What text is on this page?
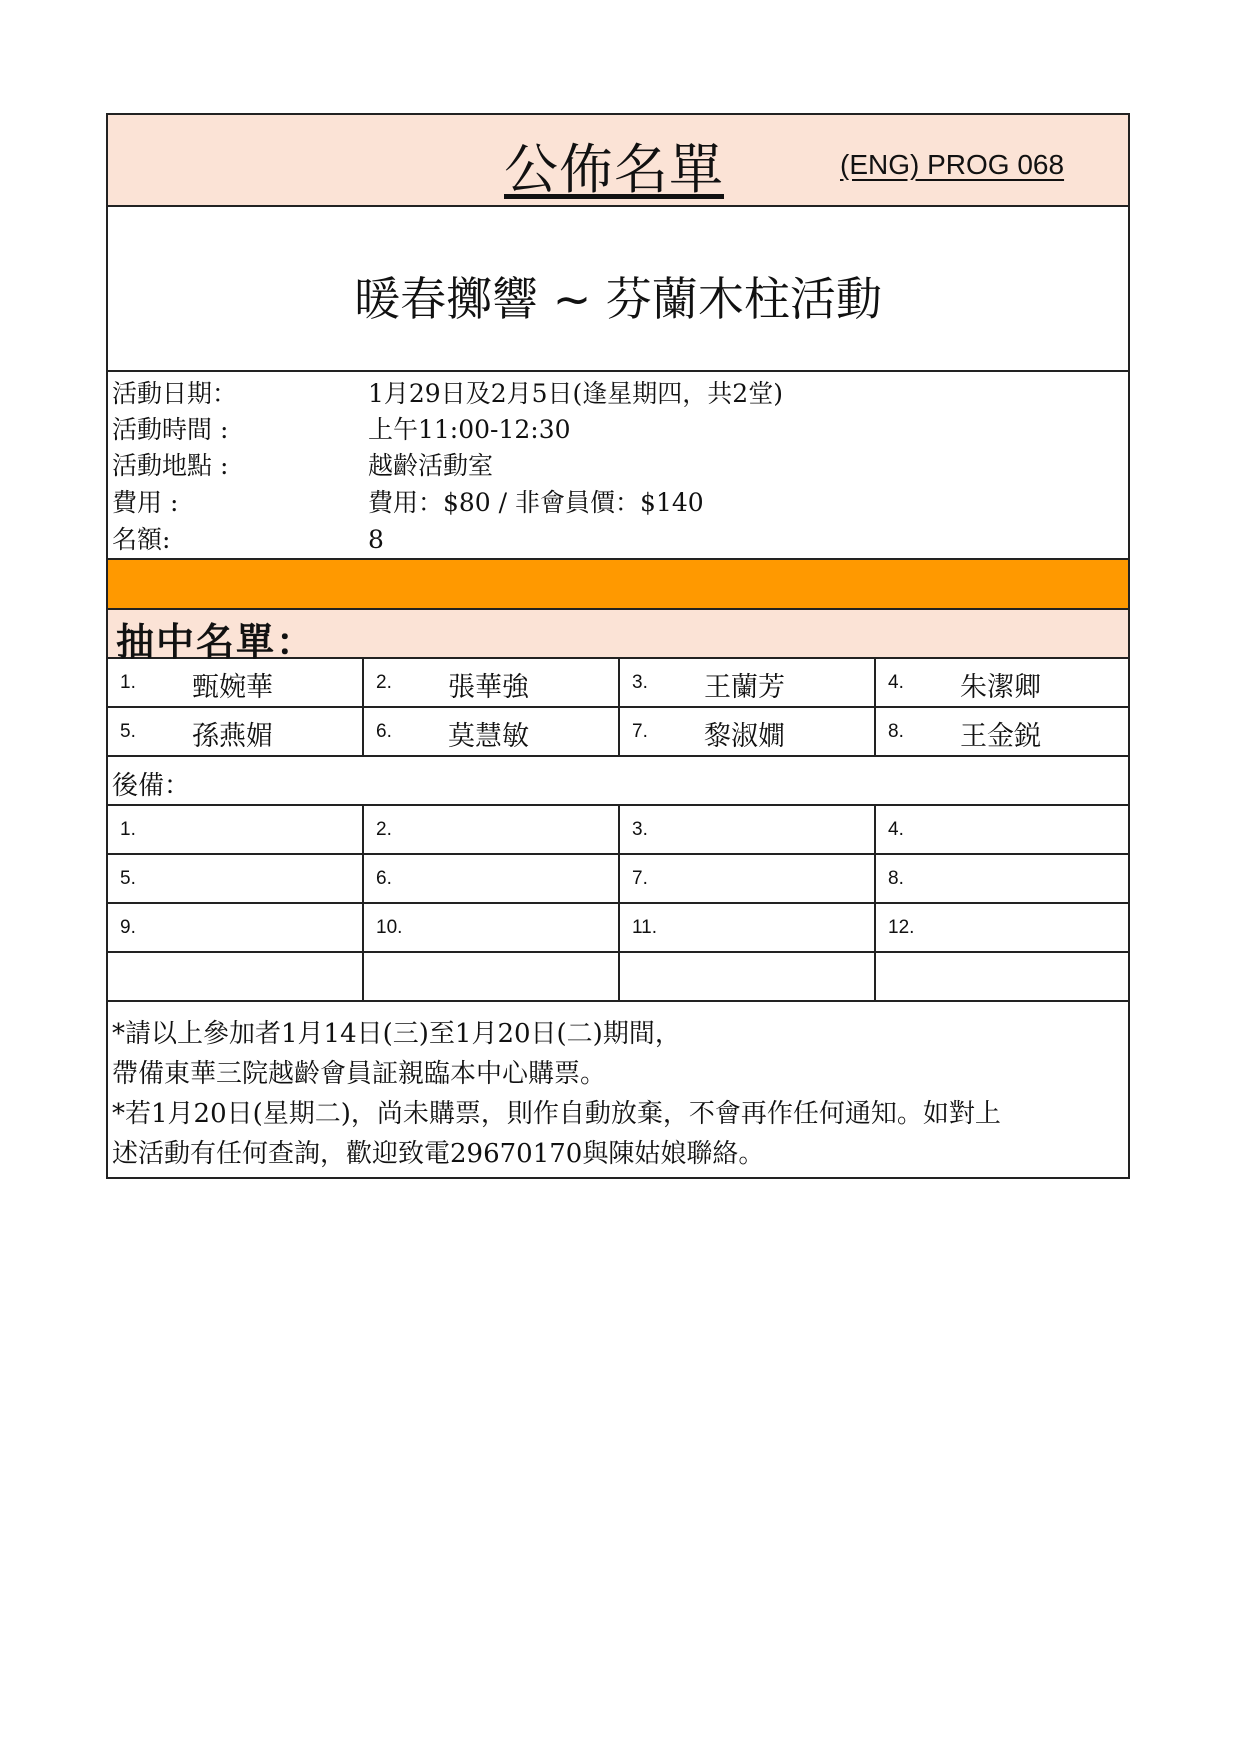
公佈名單	(ENG) PROG 068
暖春擲響 ~ 芬蘭木柱活動
活動日期：	1月29日及2月5日(逢星期四，共2堂)
活動時間 :	上午11:00-12:30
活動地點 :	越齡活動室
費用 :	費用：$80 / 非會員價：$140
名額:	8
抽中名單：
1. 甄婉華	2. 張華強	3. 王蘭芳	4. 朱潔卿
5. 孫燕媚	6. 莫慧敏	7. 黎淑嫺	8. 王金鋭
後備：
1.	2.	3.	4.
5.	6.	7.	8.
9.	10.	11.	12.
*請以上參加者1月14日(三)至1月20日(二)期間，
帶備東華三院越齡會員証親臨本中心購票。
*若1月20日(星期二)，尚未購票，則作自動放棄，不會再作任何通知。如對上
述活動有任何查詢，歡迎致電29670170與陳姑娘聯絡。
